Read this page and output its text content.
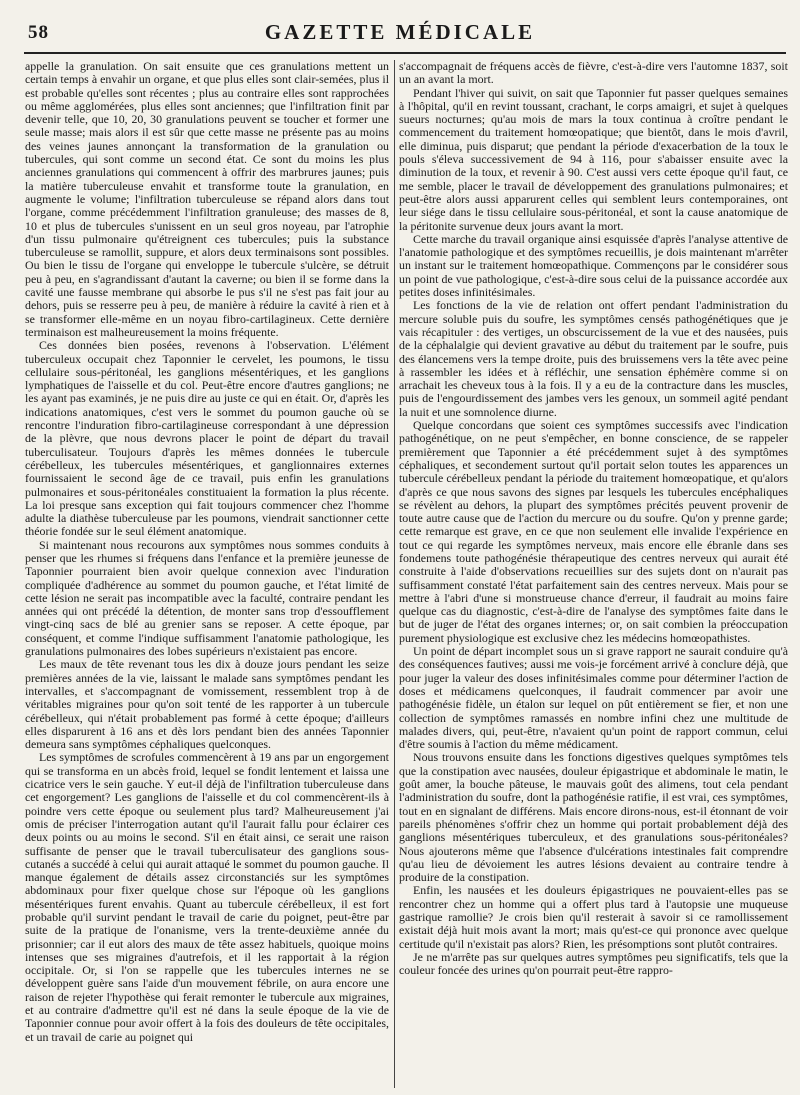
58	GAZETTE MÉDICALE

appelle la granulation. On sait ensuite que ces granulations mettent un certain temps à envahir un organe, et que plus elles sont clair-semées, plus il est probable qu'elles sont récentes ; plus au contraire elles sont rapprochées ou même agglomérées, plus elles sont anciennes; que l'infiltration finit par devenir telle, que 10, 20, 30 granulations peuvent se toucher et former une seule masse; mais alors il est sûr que cette masse ne présente pas au moins des veines jaunes annonçant la transformation de la granulation ou tubercules, qui sont comme un second état. Ce sont du moins les plus anciennes granulations qui commencent à offrir des marbrures jaunes; puis la matière tuberculeuse envahit et transforme toute la granulation, en augmente le volume; l'infiltration tuberculeuse se répand alors dans tout l'organe, comme précédemment l'infiltration granuleuse; des masses de 8, 10 et plus de tubercules s'unissent en un seul gros noyeau, par l'atrophie d'un tissu pulmonaire qu'étreignent ces tubercules; puis la substance tuberculeuse se ramollit, suppure, et alors deux terminaisons sont possibles. Ou bien le tissu de l'organe qui enveloppe le tubercule s'ulcère, se détruit peu à peu, en s'agrandissant d'autant la caverne; ou bien il se forme dans la cavité une fausse membrane qui absorbe le pus s'il ne s'est pas fait jour au dehors, puis se resserre peu à peu, de manière à réduire la cavité à rien et à se transformer elle-même en un noyau fibro-cartilagineux. Cette dernière terminaison est malheureusement la moins fréquente.

Ces données bien posées, revenons à l'observation. L'élément tuberculeux occupait chez Taponnier le cervelet, les poumons, le tissu cellulaire sous-péritonéal, les ganglions mésentériques, et les ganglions lymphatiques de l'aisselle et du col. Peut-être encore d'autres ganglions; ne les ayant pas examinés, je ne puis dire au juste ce qui en était. Or, d'après les indications anatomiques, c'est vers le sommet du poumon gauche où se rencontre l'induration fibro-cartilagineuse correspondant à une dépression de la plèvre, que nous devrons placer le point de départ du travail tuberculisateur. Toujours d'après les mêmes données le tubercule cérébelleux, les tubercules mésentériques, et ganglionnaires externes fournissaient le second âge de ce travail, puis enfin les granulations pulmonaires et sous-péritonéales constituaient la formation la plus récente. La loi presque sans exception qui fait toujours commencer chez l'homme adulte la diathèse tuberculeuse par les poumons, viendrait sanctionner cette théorie fondée sur le seul élément anatomique.

Si maintenant nous recourons aux symptômes nous sommes conduits à penser que les rhumes si fréquens dans l'enfance et la première jeunesse de Taponnier pourraient bien avoir quelque connexion avec l'induration compliquée d'adhérence au sommet du poumon gauche, et l'état limité de cette lésion ne serait pas incompatible avec la faculté, contraire pendant les années qui ont précédé la détention, de monter sans trop d'essoufflement vingt-cinq sacs de blé au grenier sans se reposer. A cette époque, par conséquent, et comme l'indique suffisamment l'anatomie pathologique, les granulations pulmonaires des lobes supérieurs n'existaient pas encore.

Les maux de tête revenant tous les dix à douze jours pendant les seize premières années de la vie, laissant le malade sans symptômes pendant les intervalles, et s'accompagnant de vomissement, ressemblent trop à de véritables migraines pour qu'on soit tenté de les rapporter à un tubercule cérébelleux, qui n'était probablement pas formé à cette époque; d'ailleurs elles disparurent à 16 ans et dès lors pendant bien des années Taponnier demeura sans symptômes céphaliques quelconques.

Les symptômes de scrofules commencèrent à 19 ans par un engorgement qui se transforma en un abcès froid, lequel se fondit lentement et laissa une cicatrice vers le sein gauche. Y eut-il déjà de l'infiltration tuberculeuse dans cet engorgement? Les ganglions de l'aisselle et du col commencèrent-ils à poindre vers cette époque ou seulement plus tard? Malheureusement j'ai omis de préciser l'interrogation autant qu'il l'aurait fallu pour éclairer ces deux points ou au moins le second. S'il en était ainsi, ce serait une raison suffisante de penser que le travail tuberculisateur des ganglions sous-cutanés a succédé à celui qui aurait attaqué le sommet du poumon gauche. Il manque également de détails assez circonstanciés sur les symptômes abdominaux pour fixer quelque chose sur l'époque où les ganglions mésentériques furent envahis. Quant au tubercule cérébelleux, il est fort probable qu'il survint pendant le travail de carie du poignet, peut-être par suite de la pratique de l'onanisme, vers la trente-deuxième année du prisonnier; car il eut alors des maux de tête assez habituels, quoique moins intenses que ses migraines d'autrefois, et il les rapportait à la région occipitale. Or, si l'on se rappelle que les tubercules internes ne se développent guère sans l'aide d'un mouvement fébrile, on aura encore une raison de rejeter l'hypothèse qui ferait remonter le tubercule aux migraines, et au contraire d'admettre qu'il est né dans la seule époque de la vie de Taponnier connue pour avoir offert à la fois des douleurs de tête occipitales, et un travail de carie au poignet qui

s'accompagnait de fréquens accès de fièvre, c'est-à-dire vers l'automne 1837, soit un an avant la mort.

Pendant l'hiver qui suivit, on sait que Taponnier fut passer quelques semaines à l'hôpital, qu'il en revint toussant, crachant, le corps amaigri, et sujet à quelques sueurs nocturnes; qu'au mois de mars la toux continua à croître pendant le commencement du traitement homœopatique; que bientôt, dans le mois d'avril, elle diminua, puis disparut; que pendant la période d'exacerbation de la toux le pouls s'éleva successivement de 94 à 116, pour s'abaisser ensuite avec la diminution de la toux, et revenir à 90. C'est aussi vers cette époque qu'il faut, ce me semble, placer le travail de développement des granulations pulmonaires; et peut-être alors aussi apparurent celles qui semblent leurs contemporaines, ont leur siége dans le tissu cellulaire sous-péritonéal, et sont la cause anatomique de la péritonite survenue deux jours avant la mort.

Cette marche du travail organique ainsi esquissée d'après l'analyse attentive de l'anatomie pathologique et des symptômes recueillis, je dois maintenant m'arrêter un instant sur le traitement homœopathique. Commençons par le considérer sous un point de vue pathologique, c'est-à-dire sous celui de la puissance accordée aux petites doses infinitésimales.

Les fonctions de la vie de relation ont offert pendant l'administration du mercure soluble puis du soufre, les symptômes censés pathogénétiques que je vais récapituler : des vertiges, un obscurcissement de la vue et des nausées, puis de la céphalalgie qui devient gravative au début du traitement par le soufre, puis des élancemens vers la tempe droite, puis des bruissemens vers la tête avec peine à rassembler les idées et à réfléchir, une sensation éphémère comme si on arrachait les cheveux tous à la fois. Il y a eu de la contracture dans les muscles, puis de l'engourdissement des jambes vers les genoux, un sommeil agité pendant la nuit et une somnolence diurne.

Quelque concordans que soient ces symptômes successifs avec l'indication pathogénétique, on ne peut s'empêcher, en bonne conscience, de se rappeler premièrement que Taponnier a été précédemment sujet à des symptômes céphaliques, et secondement surtout qu'il portait selon toutes les apparences un tubercule cérébelleux pendant la période du traitement homœopatique, et qu'alors d'après ce que nous savons des signes par lesquels les tubercules encéphaliques se révèlent au dehors, la plupart des symptômes précités peuvent provenir de toute autre cause que de l'action du mercure ou du soufre. Qu'on y prenne garde; cette remarque est grave, en ce que non seulement elle invalide l'expérience en tout ce qui regarde les symptômes nerveux, mais encore elle ébranle dans ses fondemens toute pathogénésie thérapeutique des centres nerveux qui aurait été construite à l'aide d'observations recueillies sur des sujets dont on n'aurait pas suffisamment constaté l'état parfaitement sain des centres nerveux. Mais pour se mettre à l'abri d'une si monstrueuse chance d'erreur, il faudrait au moins faire quelque cas du diagnostic, c'est-à-dire de l'analyse des symptômes faite dans le but de juger de l'état des organes internes; or, on sait combien la préoccupation purement physiologique est exclusive chez les médecins homœopathistes.

Un point de départ incomplet sous un si grave rapport ne saurait conduire qu'à des conséquences fautives; aussi me vois-je forcément arrivé à conclure déjà, que pour juger la valeur des doses infinitésimales comme pour déterminer l'action de doses et médicamens quelconques, il faudrait commencer par avoir une pathogénésie fidèle, un étalon sur lequel on pût entièrement se fier, et non une collection de symptômes ramassés en nombre infini chez une multitude de malades divers, qui, peut-être, n'avaient qu'un point de rapport commun, celui d'être soumis à l'action du même médicament.

Nous trouvons ensuite dans les fonctions digestives quelques symptômes tels que la constipation avec nausées, douleur épigastrique et abdominale le matin, le goût amer, la bouche pâteuse, le mauvais goût des alimens, tout cela pendant l'administration du soufre, dont la pathogénésie ratifie, il est vrai, ces symptômes, tout en en signalant de différens. Mais encore dirons-nous, est-il étonnant de voir pareils phénomènes s'offrir chez un homme qui portait probablement déjà des ganglions mésentériques tuberculeux, et des granulations sous-péritonéales? Nous ajouterons même que l'absence d'ulcérations intestinales fait comprendre qu'au lieu de dévoiement les autres lésions devaient au contraire tendre à produire de la constipation.

Enfin, les nausées et les douleurs épigastriques ne pouvaient-elles pas se rencontrer chez un homme qui a offert plus tard à l'autopsie une muqueuse gastrique ramollie? Je crois bien qu'il resterait à savoir si ce ramollissement existait déjà huit mois avant la mort; mais qu'est-ce qui prononce avec quelque certitude qu'il n'existait pas alors? Rien, les présomptions sont plutôt contraires.

Je ne m'arrête pas sur quelques autres symptômes peu significatifs, tels que la couleur foncée des urines qu'on pourrait peut-être rappro-
